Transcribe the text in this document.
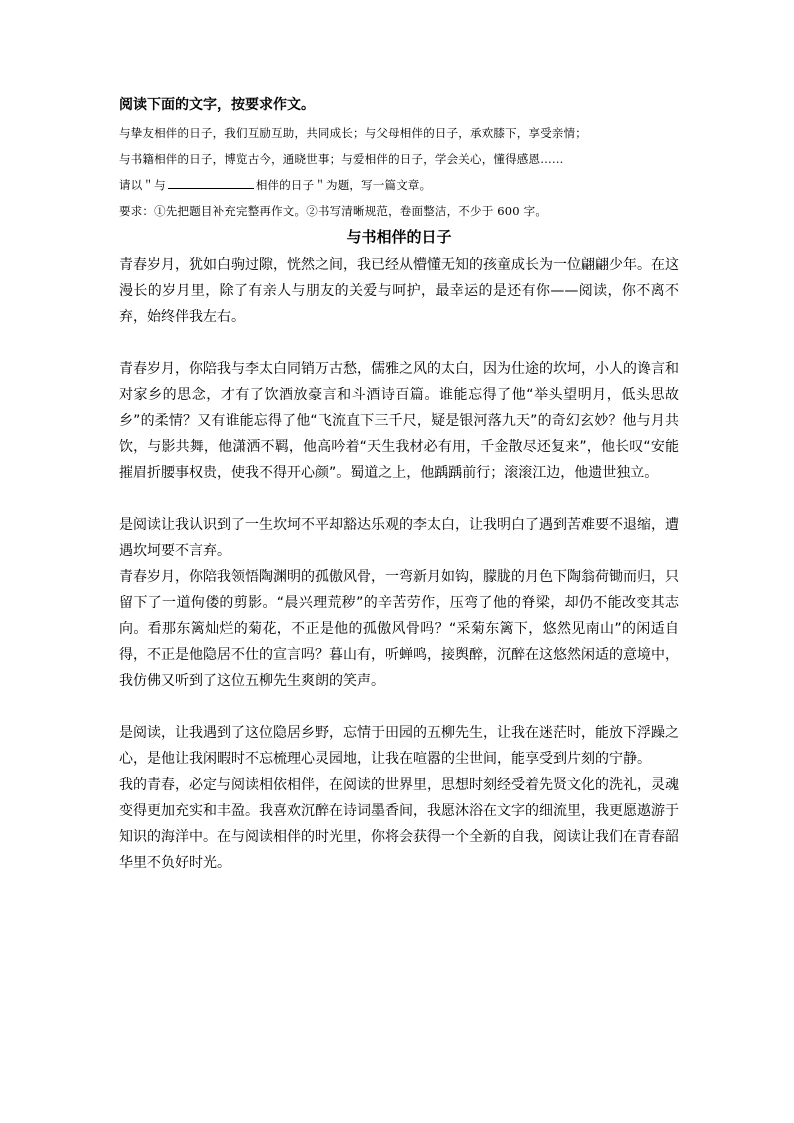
阅读下面的文字，按要求作文。

与挚友相伴的日子，我们互励互助，共同成长；与父母相伴的日子，承欢膝下，享受亲情；

与书籍相伴的日子，博览古今，通晓世事；与爱相伴的日子，学会关心，懂得感恩……

请以＂与	相伴的日子＂为题，写一篇文章。

要求：①先把题目补充完整再作文。②书写清晰规范，卷面整洁，不少于 600 字。

与书相伴的日子

青春岁月，犹如白驹过隙，恍然之间，我已经从懵懂无知的孩童成长为一位翩翩少年。在这漫长的岁月里，除了有亲人与朋友的关爱与呵护，最幸运的是还有你——阅读，你不离不弃，始终伴我左右。

青春岁月，你陪我与李太白同销万古愁，儒雅之风的太白，因为仕途的坎坷，小人的谗言和对家乡的思念，才有了饮酒放豪言和斗酒诗百篇。谁能忘得了他“举头望明月，低头思故乡”的柔情？又有谁能忘得了他“飞流直下三千尺，疑是银河落九天”的奇幻玄妙？他与月共饮，与影共舞，他潇洒不羁，他高吟着“天生我材必有用，千金散尽还复来”，他长叹“安能摧眉折腰事权贵，使我不得开心颜”。蜀道之上，他踽踽前行；滚滚江边，他遗世独立。

是阅读让我认识到了一生坎坷不平却豁达乐观的李太白，让我明白了遇到苦难要不退缩，遭遇坎坷要不言弃。

青春岁月，你陪我领悟陶渊明的孤傲风骨，一弯新月如钩，朦胧的月色下陶翁荷锄而归，只留下了一道佝偻的剪影。“晨兴理荒秽”的辛苦劳作，压弯了他的脊梁，却仍不能改变其志向。看那东篱灿烂的菊花，不正是他的孤傲风骨吗？“采菊东篱下，悠然见南山”的闲适自得，不正是他隐居不仕的宣言吗？暮山有，听蝉鸣，接舆醉，沉醉在这悠然闲适的意境中，我仿佛又听到了这位五柳先生爽朗的笑声。

是阅读，让我遇到了这位隐居乡野，忘情于田园的五柳先生，让我在迷茫时，能放下浮躁之心，是他让我闲暇时不忘梳理心灵园地，让我在喧嚣的尘世间，能享受到片刻的宁静。

我的青春，必定与阅读相依相伴，在阅读的世界里，思想时刻经受着先贤文化的洗礼，灵魂变得更加充实和丰盈。我喜欢沉醉在诗词墨香间，我愿沐浴在文字的细流里，我更愿遨游于知识的海洋中。在与阅读相伴的时光里，你将会获得一个全新的自我，阅读让我们在青春韶华里不负好时光。
